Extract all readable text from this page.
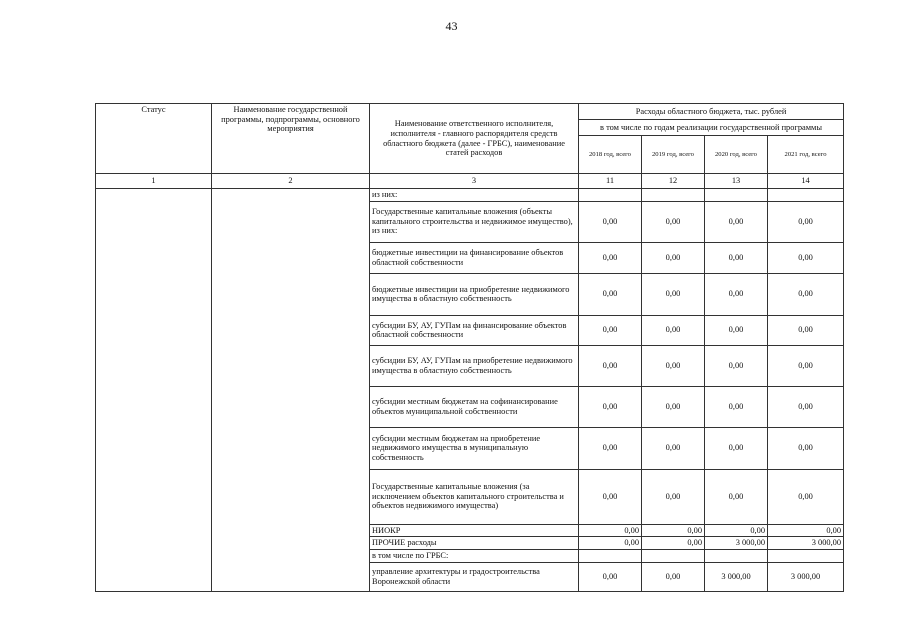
43
Статус	Наименование государственной программы, подпрограммы, основного мероприятия	Наименование ответственного исполнителя, исполнителя - главного распорядителя средств областного бюджета (далее - ГРБС), наименование статей расходов	Расходы областного бюджета, тыс. рублей			
			в том числе по годам реализации государственной программы			
			2018 год, всего	2019 год, всего	2020 год, всего	2021 год, всего
1	2	3	11	12	13	14
		из них:				
		Государственные капитальные вложения (объекты капитального строительства и недвижимое имущество), из них:	0,00	0,00	0,00	0,00
		бюджетные инвестиции на финансирование объектов областной собственности	0,00	0,00	0,00	0,00
		бюджетные инвестиции на приобретение недвижимого имущества в областную собственность	0,00	0,00	0,00	0,00
		субсидии БУ, АУ, ГУПам на финансирование объектов областной собственности	0,00	0,00	0,00	0,00
		субсидии БУ, АУ, ГУПам на приобретение недвижимого имущества в областную собственность	0,00	0,00	0,00	0,00
		субсидии местным бюджетам на софинансирование объектов муниципальной собственности	0,00	0,00	0,00	0,00
		субсидии местным бюджетам на приобретение недвижимого имущества в муниципальную собственность	0,00	0,00	0,00	0,00
		Государственные капитальные вложения (за исключением объектов капитального строительства и объектов недвижимого имущества)	0,00	0,00	0,00	0,00
		НИОКР	0,00	0,00	0,00	0,00
		ПРОЧИЕ расходы	0,00	0,00	3 000,00	3 000,00
		в том числе по ГРБС:				
		управление архитектуры и градостроительства Воронежской области	0,00	0,00	3 000,00	3 000,00
